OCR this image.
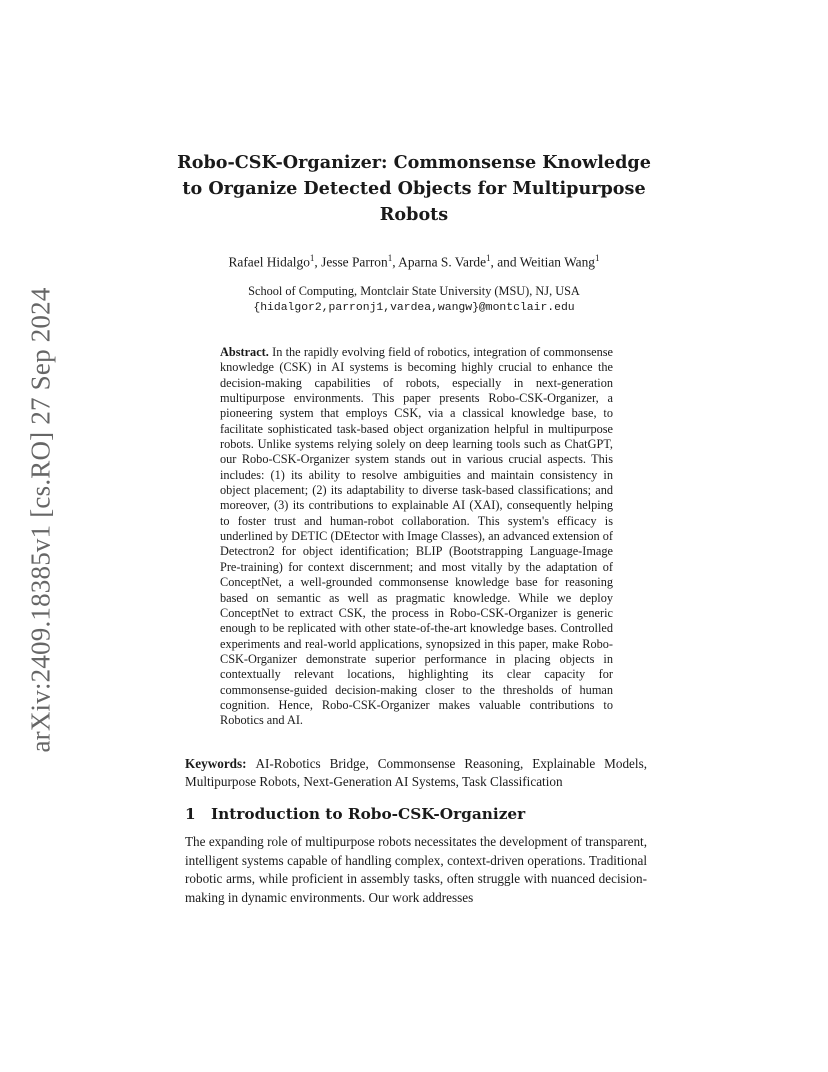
arXiv:2409.18385v1 [cs.RO] 27 Sep 2024
Robo-CSK-Organizer: Commonsense Knowledge
to Organize Detected Objects for Multipurpose
Robots
Rafael Hidalgo$^1$, Jesse Parron$^1$, Aparna S. Varde$^1$, and Weitian Wang$^1$
School of Computing, Montclair State University (MSU), NJ, USA
{hidalgor2,parronj1,vardea,wangw}@montclair.edu
Abstract. In the rapidly evolving field of robotics, integration of commonsense knowledge (CSK) in AI systems is becoming highly crucial to enhance the decision-making capabilities of robots, especially in next-generation multipurpose environments. This paper presents Robo-CSK-Organizer, a pioneering system that employs CSK, via a classical knowledge base, to facilitate sophisticated task-based object organization helpful in multipurpose robots. Unlike systems relying solely on deep learning tools such as ChatGPT, our Robo-CSK-Organizer system stands out in various crucial aspects. This includes: (1) its ability to resolve ambiguities and maintain consistency in object placement; (2) its adaptability to diverse task-based classifications; and moreover, (3) its contributions to explainable AI (XAI), consequently helping to foster trust and human-robot collaboration. This system's efficacy is underlined by DETIC (DEtector with Image Classes), an advanced extension of Detectron2 for object identification; BLIP (Bootstrapping Language-Image Pre-training) for context discernment; and most vitally by the adaptation of ConceptNet, a well-grounded commonsense knowledge base for reasoning based on semantic as well as pragmatic knowledge. While we deploy ConceptNet to extract CSK, the process in Robo-CSK-Organizer is generic enough to be replicated with other state-of-the-art knowledge bases. Controlled experiments and real-world applications, synopsized in this paper, make Robo-CSK-Organizer demonstrate superior performance in placing objects in contextually relevant locations, highlighting its clear capacity for commonsense-guided decision-making closer to the thresholds of human cognition. Hence, Robo-CSK-Organizer makes valuable contributions to Robotics and AI.
Keywords: AI-Robotics Bridge, Commonsense Reasoning, Explainable Models, Multipurpose Robots, Next-Generation AI Systems, Task Classification
1 Introduction to Robo-CSK-Organizer
The expanding role of multipurpose robots necessitates the development of transparent, intelligent systems capable of handling complex, context-driven operations. Traditional robotic arms, while proficient in assembly tasks, often struggle with nuanced decision-making in dynamic environments. Our work addresses
